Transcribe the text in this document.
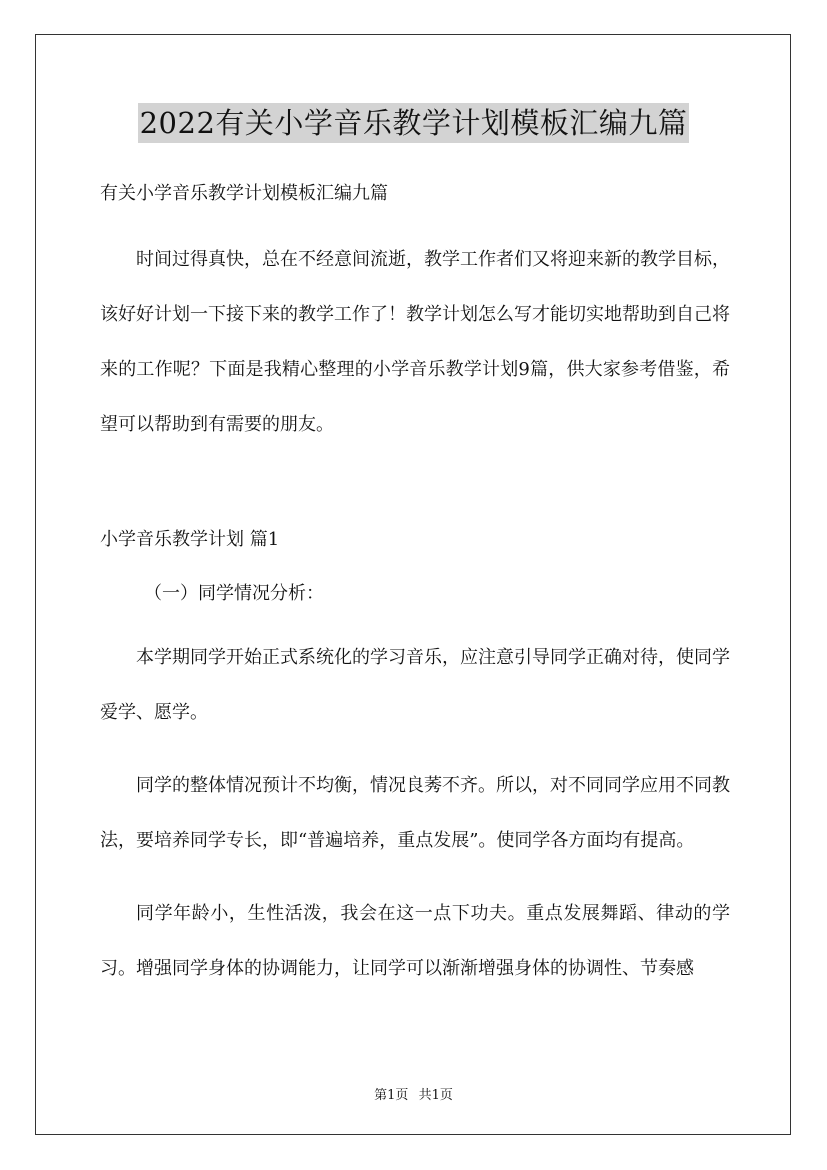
2022有关小学音乐教学计划模板汇编九篇

有关小学音乐教学计划模板汇编九篇

时间过得真快，总在不经意间流逝，教学工作者们又将迎来新的教学目标，该好好计划一下接下来的教学工作了！教学计划怎么写才能切实地帮助到自己将来的工作呢？下面是我精心整理的小学音乐教学计划9篇，供大家参考借鉴，希望可以帮助到有需要的朋友。

小学音乐教学计划 篇1

（一）同学情况分析：

本学期同学开始正式系统化的学习音乐，应注意引导同学正确对待，使同学爱学、愿学。

同学的整体情况预计不均衡，情况良莠不齐。所以，对不同同学应用不同教法，要培养同学专长，即“普遍培养，重点发展”。使同学各方面均有提高。

同学年龄小，生性活泼，我会在这一点下功夫。重点发展舞蹈、律动的学习。增强同学身体的协调能力，让同学可以渐渐增强身体的协调性、节奏感

第1页 共1页
